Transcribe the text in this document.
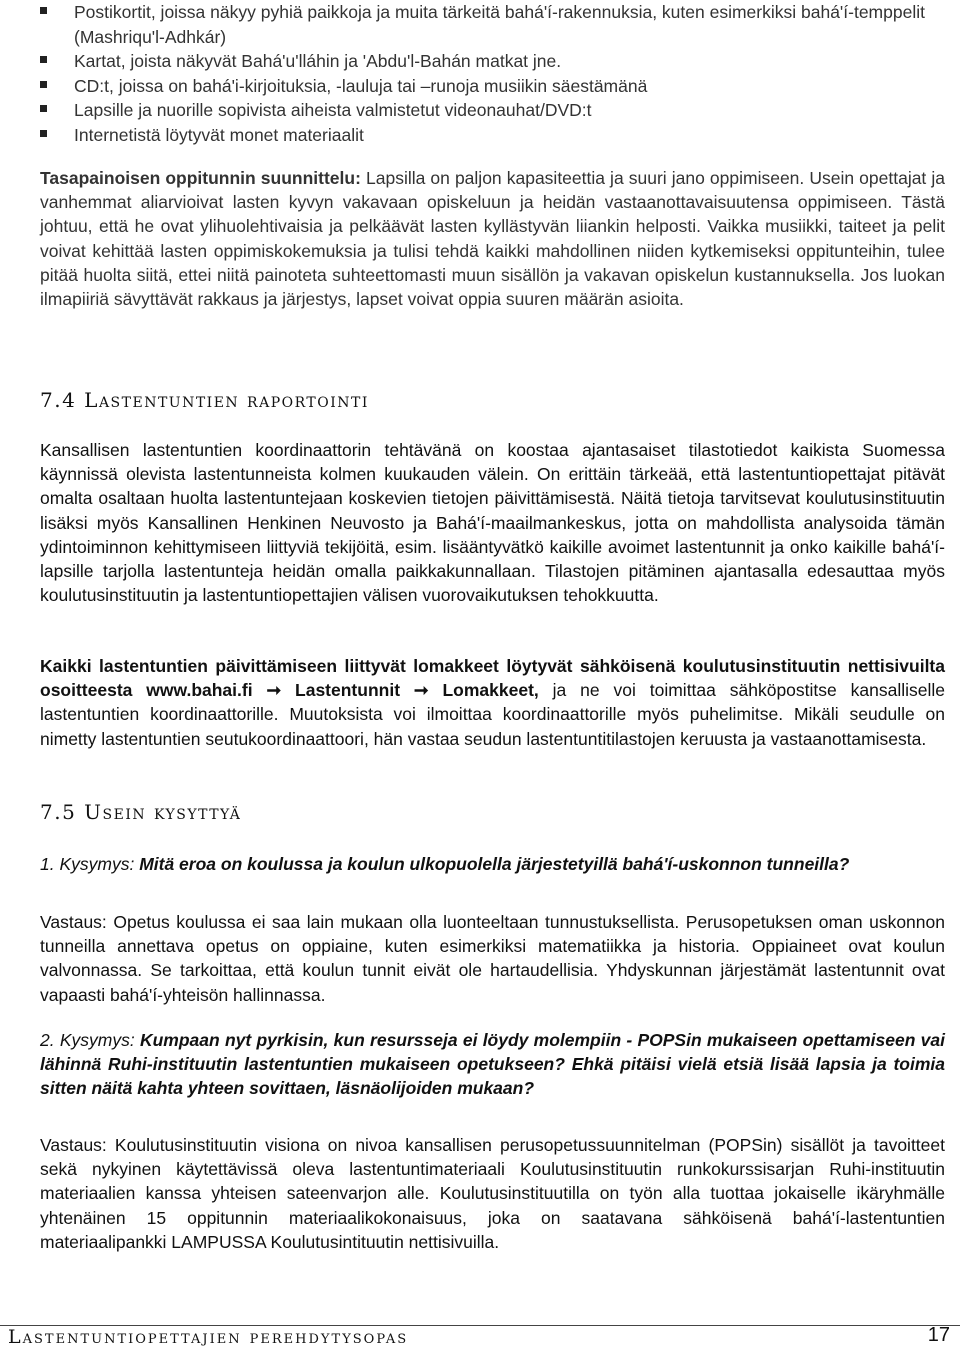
Postikortit, joissa näkyy pyhiä paikkoja ja muita tärkeitä bahá'í-rakennuksia, kuten esimerkiksi bahá'í-temppelit (Mashriqu'l-Adhkár)
Kartat, joista näkyvät Bahá'u'lláhin ja 'Abdu'l-Bahán matkat jne.
CD:t, joissa on bahá'i-kirjoituksia, -lauluja tai –runoja musiikin säestämänä
Lapsille ja nuorille sopivista aiheista valmistetut videonauhat/DVD:t
Internetistä löytyvät monet materiaalit
Tasapainoisen oppitunnin suunnittelu: Lapsilla on paljon kapasiteettia ja suuri jano oppimiseen. Usein opettajat ja vanhemmat aliarvioivat lasten kyvyn vakavaan opiskeluun ja heidän vastaanottavaisuutensa oppimiseen. Tästä johtuu, että he ovat ylihuolehtivaisia ja pelkäävät lasten kyllästyvän liiankin helposti. Vaikka musiikki, taiteet ja pelit voivat kehittää lasten oppimiskokemuksia ja tulisi tehdä kaikki mahdollinen niiden kytkemiseksi oppitunteihin, tulee pitää huolta siitä, ettei niitä painoteta suhteettomasti muun sisällön ja vakavan opiskelun kustannuksella. Jos luokan ilmapiiriä sävyttävät rakkaus ja järjestys, lapset voivat oppia suuren määrän asioita.
7.4 Lastentuntien raportointi
Kansallisen lastentuntien koordinaattorin tehtävänä on koostaa ajantasaiset tilastotiedot kaikista Suomessa käynnissä olevista lastentunneista kolmen kuukauden välein. On erittäin tärkeää, että lastentuntiopettajat pitävät omalta osaltaan huolta lastentuntejaan koskevien tietojen päivittämisestä. Näitä tietoja tarvitsevat koulutusinstituutin lisäksi myös Kansallinen Henkinen Neuvosto ja Bahá'í-maailmankeskus, jotta on mahdollista analysoida tämän ydintoiminnon kehittymiseen liittyviä tekijöitä, esim. lisääntyvätkö kaikille avoimet lastentunnit ja onko kaikille bahá'í-lapsille tarjolla lastentunteja heidän omalla paikkakunnallaan. Tilastojen pitäminen ajantasalla edesauttaa myös koulutusinstituutin ja lastentuntiopettajien välisen vuorovaikutuksen tehokkuutta.
Kaikki lastentuntien päivittämiseen liittyvät lomakkeet löytyvät sähköisenä koulutusinstituutin nettisivuilta osoitteesta www.bahai.fi ➞ Lastentunnit ➞ Lomakkeet, ja ne voi toimittaa sähköpostitse kansalliselle lastentuntien koordinaattorille. Muutoksista voi ilmoittaa koordinaattorille myös puhelimitse. Mikäli seudulle on nimetty lastentuntien seutukoordinaattoori, hän vastaa seudun lastentuntitilastojen keruusta ja vastaanottamisesta.
7.5 Usein kysyttyä
1. Kysymys: Mitä eroa on koulussa ja koulun ulkopuolella järjestetyillä bahá'í-uskonnon tunneilla?
Vastaus: Opetus koulussa ei saa lain mukaan olla luonteeltaan tunnustuksellista. Perusopetuksen oman uskonnon tunneilla annettava opetus on oppiaine, kuten esimerkiksi matematiikka ja historia. Oppiaineet ovat koulun valvonnassa. Se tarkoittaa, että koulun tunnit eivät ole hartaudellisia. Yhdyskunnan järjestämät lastentunnit ovat vapaasti bahá'í-yhteisön hallinnassa.
2. Kysymys: Kumpaan nyt pyrkisin, kun resursseja ei löydy molempiin - POPSin mukaiseen opettamiseen vai lähinnä Ruhi-instituutin lastentuntien mukaiseen opetukseen? Ehkä pitäisi vielä etsiä lisää lapsia ja toimia sitten näitä kahta yhteen sovittaen, läsnäolijoiden mukaan?
Vastaus: Koulutusinstituutin visiona on nivoa kansallisen perusopetussuunnitelman (POPSin) sisällöt ja tavoitteet sekä nykyinen käytettävissä oleva lastentuntimateriaali Koulutusinstituutin runkokurssisarjan Ruhi-instituutin materiaalien kanssa yhteisen sateenvarjon alle. Koulutusinstituutilla on työn alla tuottaa jokaiselle ikäryhmälle yhtenäinen 15 oppitunnin materiaalikokonaisuus, joka on saatavana sähköisenä bahá'í-lastentuntien materiaalipankki LAMPUSSA Koulutusintituutin nettisivuilla.
Lastentuntiopettajien perehdytysopas	17
